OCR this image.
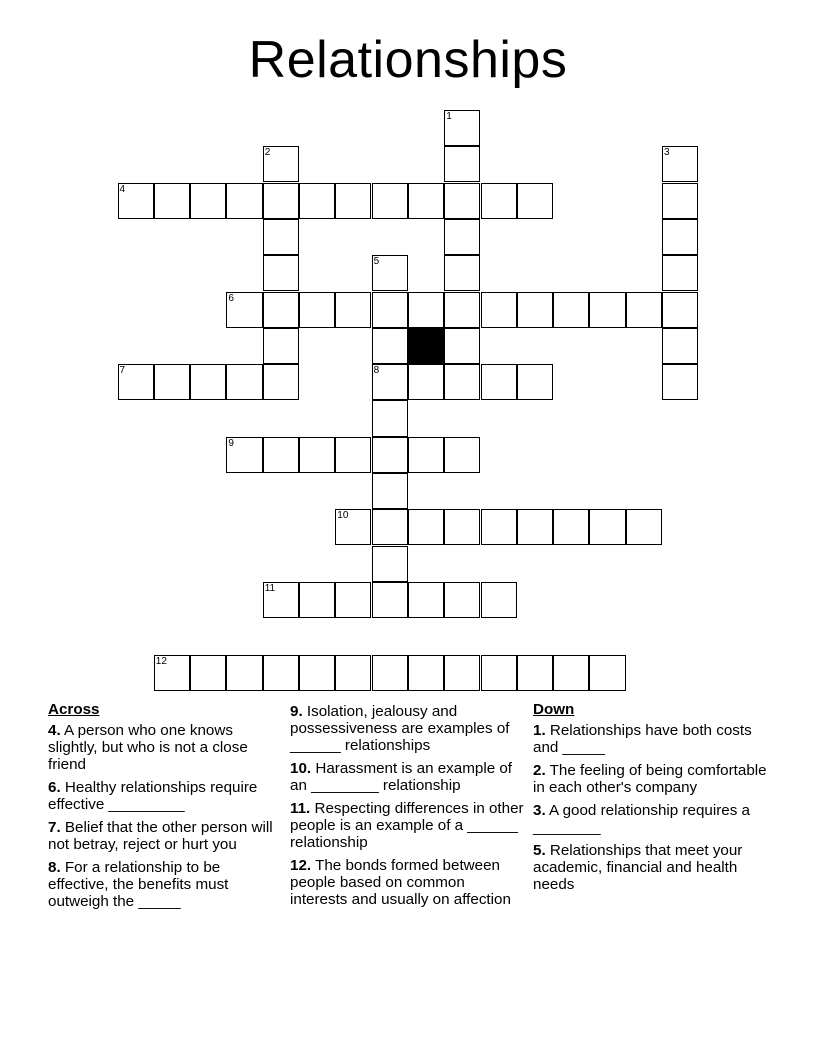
Relationships
1
2	3
4
5
6
7	8
9
10
11
12
Across
4. A person who one knows slightly, but who is not a close friend
6. Healthy relationships require effective _________
7. Belief that the other person will not betray, reject or hurt you
8. For a relationship to be effective, the benefits must outweigh the _____
9. Isolation, jealousy and possessiveness are examples of ______ relationships
10. Harassment is an example of an ________ relationship
11. Respecting differences in other people is an example of a ______ relationship
12. The bonds formed between people based on common interests and usually on affection
Down
1. Relationships have both costs and _____
2. The feeling of being comfortable in each other's company
3. A good relationship requires a ________
5. Relationships that meet your academic, financial and health needs
